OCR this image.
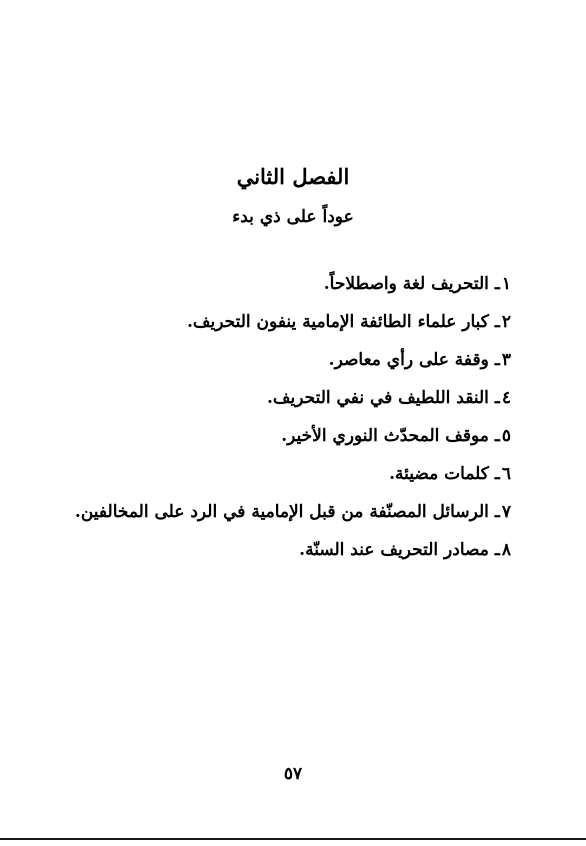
الفصل الثاني
عوداً على ذي بدء
١ـالتحريف لغة واصطلاحاً.
٢ـكبار علماء الطائفة الإمامية ينفون التحريف.
٣ـوقفة على رأي معاصر.
٤ـالنقد اللطيف في نفي التحريف.
٥ـموقف المحدّث النوري الأخير.
٦ـكلمات مضيئة.
٧ـالرسائل المصنّفة من قبل الإمامية في الرد على المخالفين.
٨ـمصادر التحريف عند السنّة.
٥٧
